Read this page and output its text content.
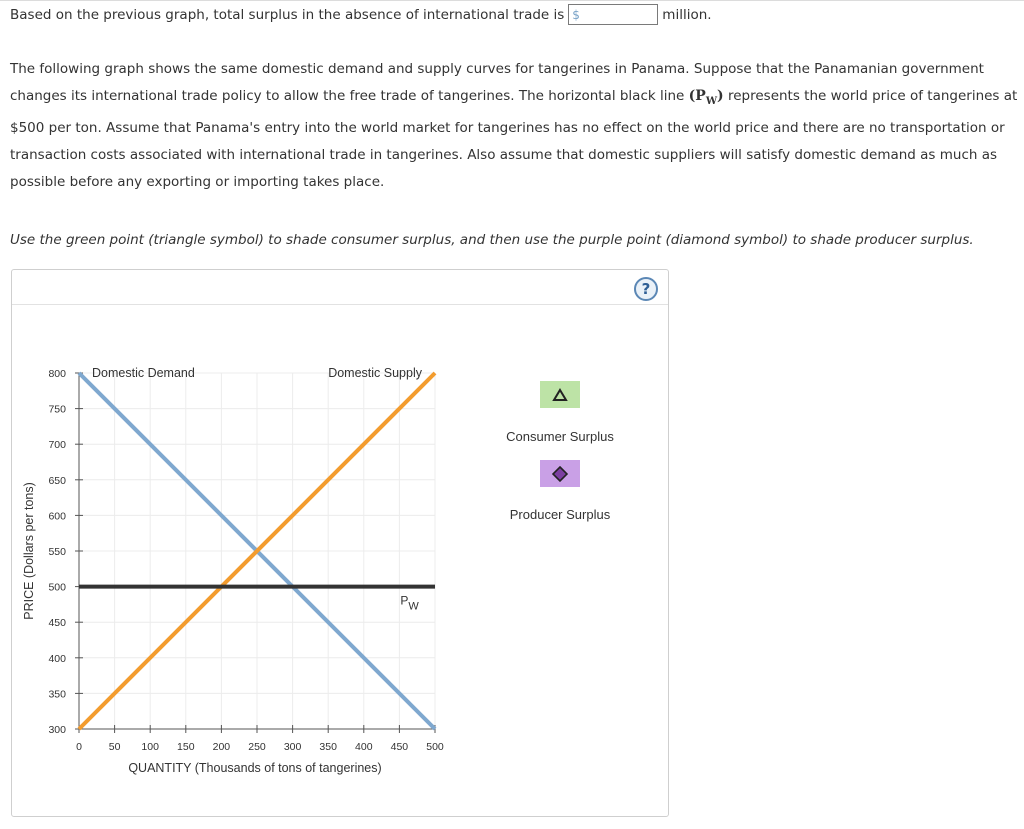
Based on the previous graph, total surplus in the absence of international trade is $	million.
The following graph shows the same domestic demand and supply curves for tangerines in Panama. Suppose that the Panamanian government changes its international trade policy to allow the free trade of tangerines. The horizontal black line $(P_W)$ represents the world price of tangerines at $500 per ton. Assume that Panama's entry into the world market for tangerines has no effect on the world price and there are no transportation or transaction costs associated with international trade in tangerines. Also assume that domestic suppliers will satisfy domestic demand as much as possible before any exporting or importing takes place.
Use the green point (triangle symbol) to shade consumer surplus, and then use the purple point (diamond symbol) to shade producer surplus.
?
0	50 100 150 200 250 300 350 400 450 500
300
350
400
450
500
550
600
650
700
750
800 Domestic Demand	Domestic Supply
PW
QUANTITY (Thousands of tons of tangerines)
PRICE (Dollars per tons)
Consumer Surplus
Producer Surplus
